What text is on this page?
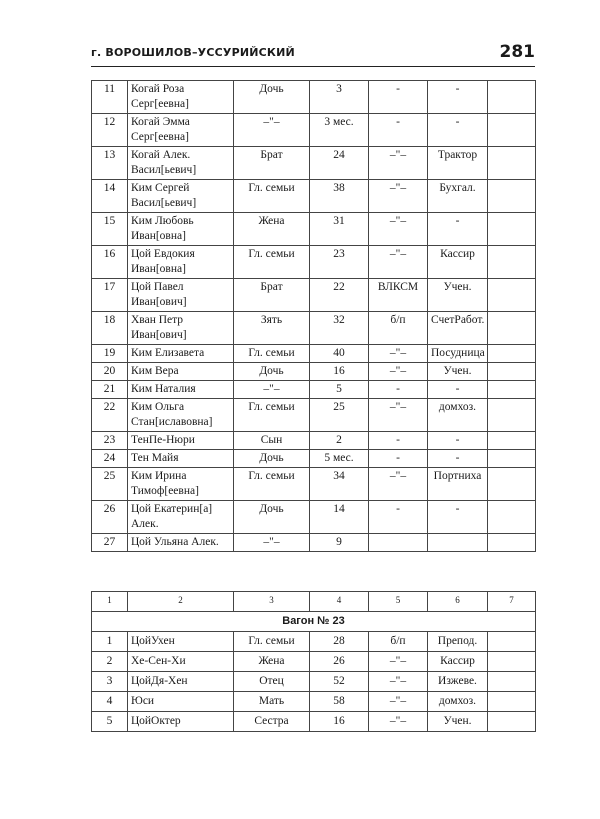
г. ВОРОШИЛОВ–УССУРИЙСКИЙ	281
11	Когай Роза Серг[еевна]	Дочь	3	-	-	
12	Когай Эмма Серг[еевна]	–"–	3 мес.	-	-	
13	Когай Алек. Васил[ьевич]	Брат	24	–"–	Трактор	
14	Ким Сергей Васил[ьевич]	Гл. семьи	38	–"–	Бухгал.	
15	Ким Любовь Иван[овна]	Жена	31	–"–	-	
16	Цой Евдокия Иван[овна]	Гл. семьи	23	–"–	Кассир	
17	Цой Павел Иван[ович]	Брат	22	ВЛКСМ	Учен.	
18	Хван Петр Иван[ович]	Зять	32	б/п	СчетРабот.	
19	Ким Елизавета	Гл. семьи	40	–"–	Посудница	
20	Ким Вера	Дочь	16	–"–	Учен.	
21	Ким Наталия	–"–	5	-	-	
22	Ким Ольга Стан[иславовна]	Гл. семьи	25	–"–	домхоз.	
23	ТенПе-Нюри	Сын	2	-	-	
24	Тен Майя	Дочь	5 мес.	-	-	
25	Ким Ирина Тимоф[еевна]	Гл. семьи	34	–"–	Портниха	
26	Цой Екатерин[а] Алек.	Дочь	14	-	-	
27	Цой Ульяна Алек.	–"–	9			
1	2	3	4	5	6	7
Вагон № 23						
1	ЦойУхен	Гл. семьи	28	б/п	Препод.	
2	Хе-Сен-Хи	Жена	26	–"–	Кассир	
3	ЦойДя-Хен	Отец	52	–"–	Изжеве.	
4	Юси	Мать	58	–"–	домхоз.	
5	ЦойОктер	Сестра	16	–"–	Учен.	
